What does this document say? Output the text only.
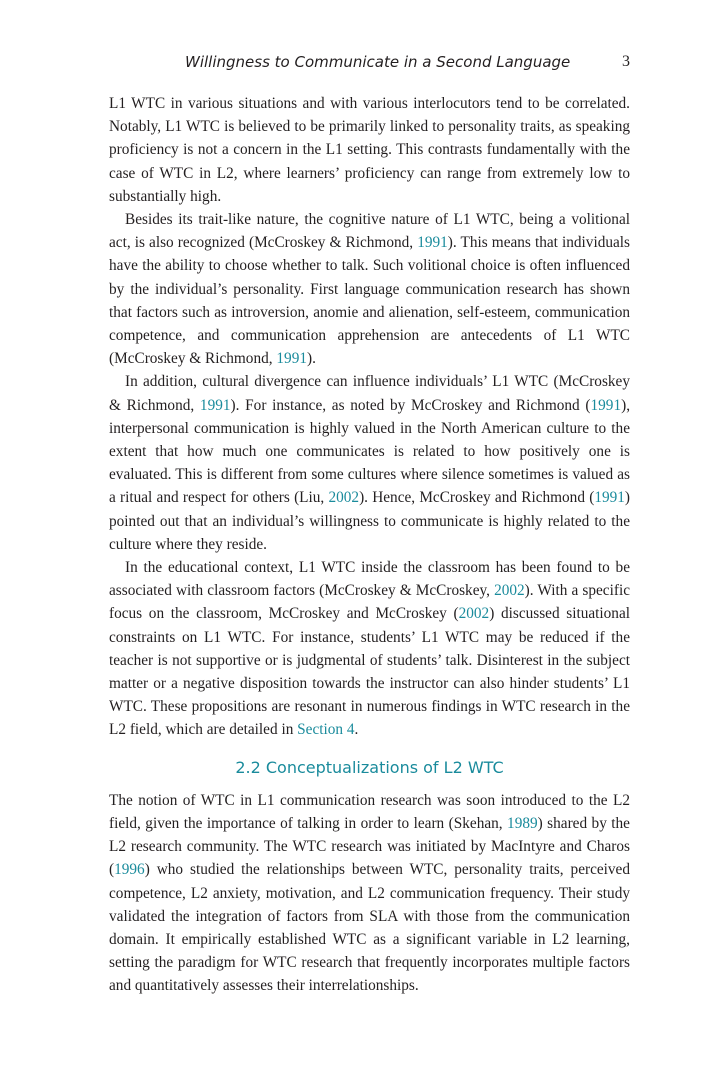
Willingness to Communicate in a Second Language	3

L1 WTC in various situations and with various interlocutors tend to be correlated. Notably, L1 WTC is believed to be primarily linked to personality traits, as speaking proficiency is not a concern in the L1 setting. This contrasts fundamentally with the case of WTC in L2, where learners’ proficiency can range from extremely low to substantially high.

Besides its trait-like nature, the cognitive nature of L1 WTC, being a volitional act, is also recognized (McCroskey & Richmond, 1991). This means that individuals have the ability to choose whether to talk. Such volitional choice is often influenced by the individual’s personality. First language communication research has shown that factors such as introversion, anomie and alienation, self-esteem, communication competence, and communication apprehension are antecedents of L1 WTC (McCroskey & Richmond, 1991).

In addition, cultural divergence can influence individuals’ L1 WTC (McCroskey & Richmond, 1991). For instance, as noted by McCroskey and Richmond (1991), interpersonal communication is highly valued in the North American culture to the extent that how much one communicates is related to how positively one is evaluated. This is different from some cultures where silence sometimes is valued as a ritual and respect for others (Liu, 2002). Hence, McCroskey and Richmond (1991) pointed out that an individual’s willingness to communicate is highly related to the culture where they reside.

In the educational context, L1 WTC inside the classroom has been found to be associated with classroom factors (McCroskey & McCroskey, 2002). With a specific focus on the classroom, McCroskey and McCroskey (2002) discussed situational constraints on L1 WTC. For instance, students’ L1 WTC may be reduced if the teacher is not supportive or is judgmental of students’ talk. Disinterest in the subject matter or a negative disposition towards the instructor can also hinder students’ L1 WTC. These propositions are resonant in numerous findings in WTC research in the L2 field, which are detailed in Section 4.

2.2 Conceptualizations of L2 WTC

The notion of WTC in L1 communication research was soon introduced to the L2 field, given the importance of talking in order to learn (Skehan, 1989) shared by the L2 research community. The WTC research was initiated by MacIntyre and Charos (1996) who studied the relationships between WTC, personality traits, perceived competence, L2 anxiety, motivation, and L2 communication frequency. Their study validated the integration of factors from SLA with those from the communication domain. It empirically established WTC as a significant variable in L2 learning, setting the paradigm for WTC research that frequently incorporates multiple factors and quantitatively assesses their interrelationships.
